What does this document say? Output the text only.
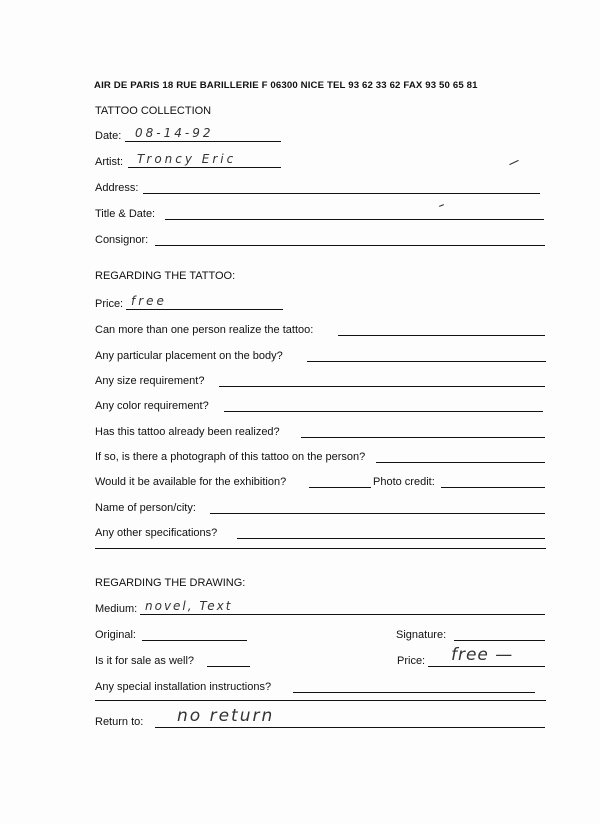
AIR DE PARIS 18 RUE BARILLERIE F 06300 NICE TEL 93 62 33 62 FAX 93 50 65 81
TATTOO COLLECTION
Date: 08-14-92
Artist: Troncy Eric
Address:
Title & Date:
Consignor:
REGARDING THE TATTOO:
Price: free
Can more than one person realize the tattoo:
Any particular placement on the body?
Any size requirement?
Any color requirement?
Has this tattoo already been realized?
If so, is there a photograph of this tattoo on the person?
Would it be available for the exhibition?	Photo credit:
Name of person/city:
Any other specifications?
REGARDING THE DRAWING:
Medium: novel, Text
Original:	Signature:
Is it for sale as well?	Price: free —
Any special installation instructions?
Return to: no return
